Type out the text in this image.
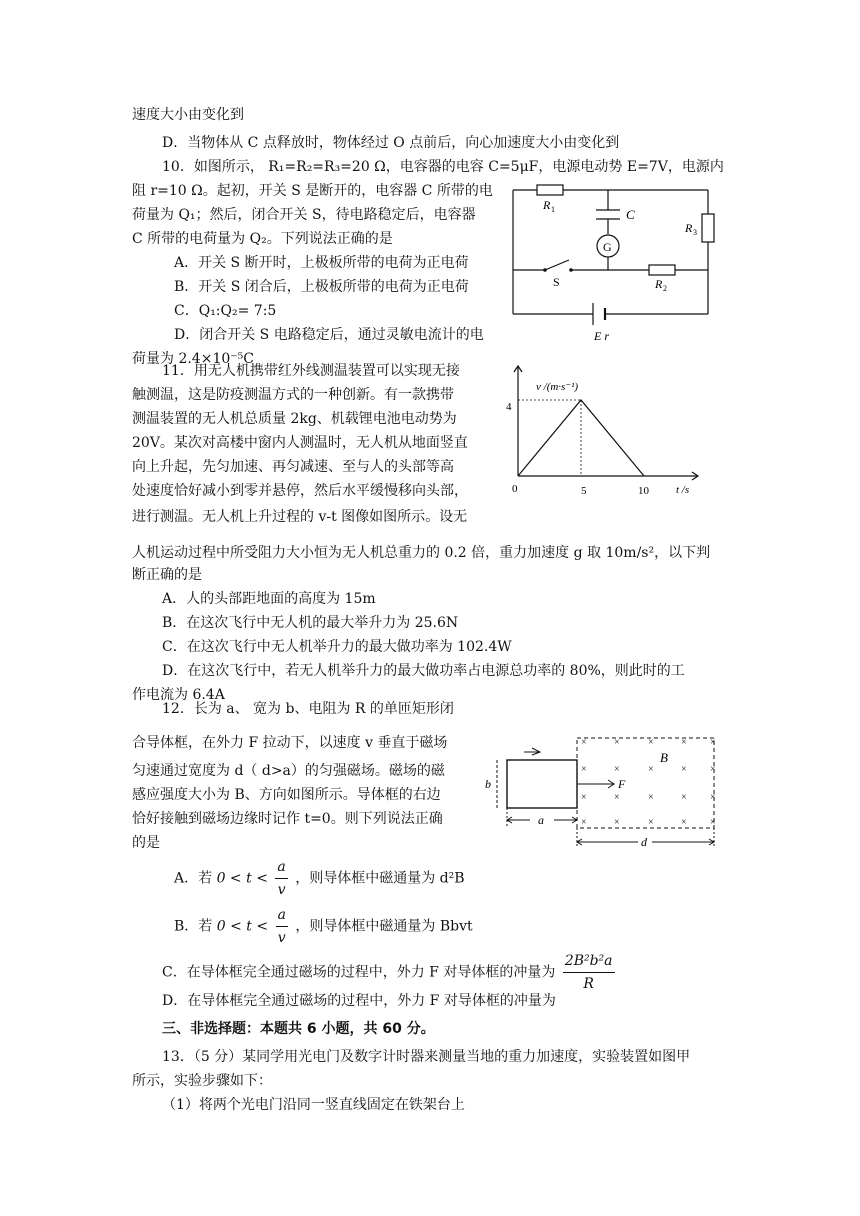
速度大小由变化到
D．当物体从 C 点释放时，物体经过 O 点前后，向心加速度大小由变化到
10．如图所示， R₁=R₂=R₃=20 Ω，电容器的电容 C=5μF，电源电动势 E=7V，电源内
阻 r=10 Ω。起初，开关 S 是断开的，电容器 C 所带的电
荷量为 Q₁；然后，闭合开关 S，待电路稳定后，电容器
C 所带的电荷量为 Q₂。下列说法正确的是
A．开关 S 断开时，上极板所带的电荷为正电荷
B．开关 S 闭合后，上极板所带的电荷为正电荷
C．Q₁:Q₂= 7:5
D．闭合开关 S 电路稳定后，通过灵敏电流计的电
荷量为 2.4×10⁻⁵C
R 1	C
G
R 3
S	R 2
E r
11．用无人机携带红外线测温装置可以实现无接
触测温，这是防疫测温方式的一种创新。有一款携带
测温装置的无人机总质量 2kg、机载锂电池电动势为
20V。某次对高楼中窗内人测温时，无人机从地面竖直
向上升起，先匀加速、再匀减速、至与人的头部等高
处速度恰好减小到零并悬停，然后水平缓慢移向头部，
进行测温。无人机上升过程的 v-t 图像如图所示。设无
人机运动过程中所受阻力大小恒为无人机总重力的 0.2 倍，重力加速度 g 取 10m/s²，以下判
断正确的是
A．人的头部距地面的高度为 15m
B．在这次飞行中无人机的最大举升力为 25.6N
C．在这次飞行中无人机举升力的最大做功率为 102.4W
D．在这次飞行中，若无人机举升力的最大做功率占电源总功率的 80%，则此时的工
作电流为 6.4A
v /(m·s⁻¹)
t /s
4
0	5	10
12．长为 a、 宽为 b、电阻为 R 的单匝矩形闭
合导体框，在外力 F 拉动下，以速度 v 垂直于磁场
匀速通过宽度为 d（ d>a）的匀强磁场。磁场的磁
感应强度大小为 B、方向如图所示。导体框的右边
恰好接触到磁场边缘时记作 t=0。则下列说法正确
的是
A．若 $0 < t < \frac{a}{v}$ ，则导体框中磁通量为 d²B
B．若 $0 < t < \frac{a}{v}$ ，则导体框中磁通量为 Bbvt
C．在导体框完全通过磁场的过程中，外力 F 对导体框的冲量为 $\frac{\text{2B²b²a}}{R}$
D．在导体框完全通过磁场的过程中，外力 F 对导体框的冲量为
×	×	×	× ×
×	×	×	× ×
×	×	×	× ×
×	×	×	× ×
F
B
b
a
d
三、非选择题：本题共 6 小题，共 60 分。
13．（5 分）某同学用光电门及数字计时器来测量当地的重力加速度，实验装置如图甲
所示，实验步骤如下：
（1）将两个光电门沿同一竖直线固定在铁架台上
